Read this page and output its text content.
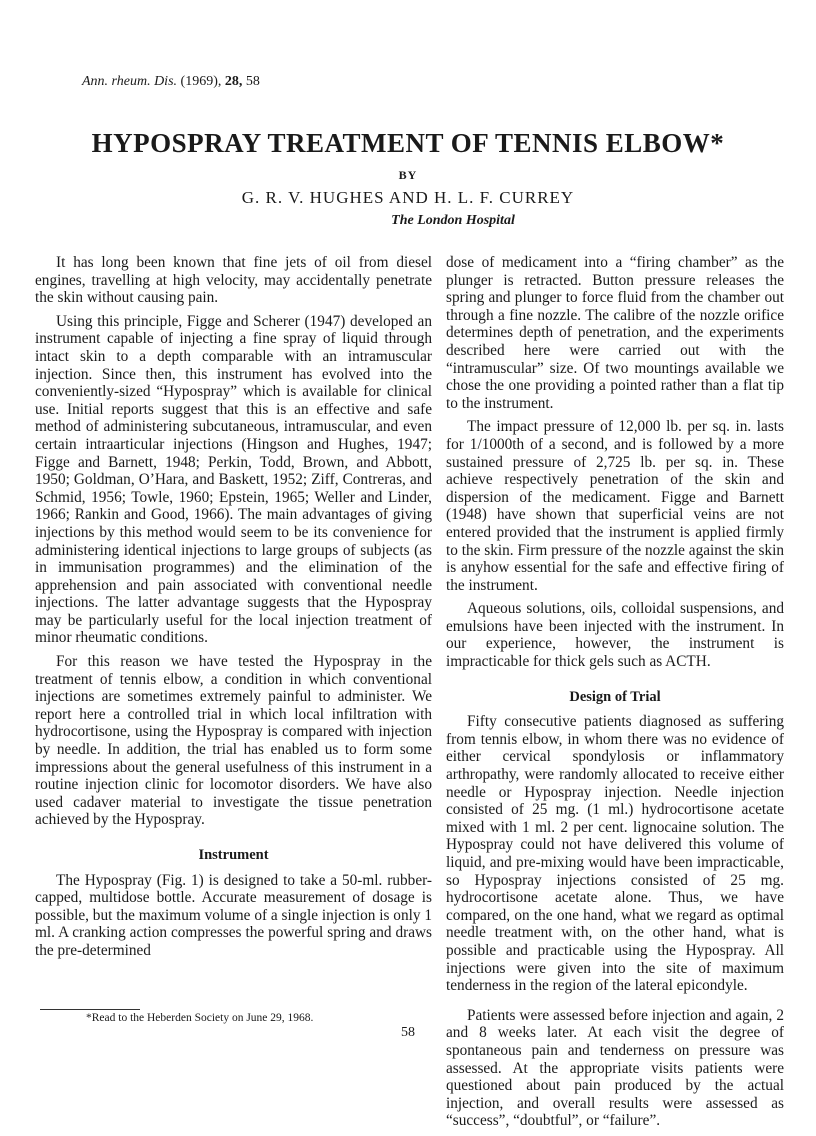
Ann. rheum. Dis. (1969), 28, 58
HYPOSPRAY TREATMENT OF TENNIS ELBOW*
BY
G. R. V. HUGHES AND H. L. F. CURREY
The London Hospital

It has long been known that fine jets of oil from diesel engines, travelling at high velocity, may accidentally penetrate the skin without causing pain.

Using this principle, Figge and Scherer (1947) developed an instrument capable of injecting a fine spray of liquid through intact skin to a depth comparable with an intramuscular injection. Since then, this instrument has evolved into the conveniently-sized “Hypospray” which is available for clinical use. Initial reports suggest that this is an effective and safe method of administering subcutaneous, intramuscular, and even certain intraarticular injections (Hingson and Hughes, 1947; Figge and Barnett, 1948; Perkin, Todd, Brown, and Abbott, 1950; Goldman, O’Hara, and Baskett, 1952; Ziff, Contreras, and Schmid, 1956; Towle, 1960; Epstein, 1965; Weller and Linder, 1966; Rankin and Good, 1966). The main advantages of giving injections by this method would seem to be its convenience for administering identical injections to large groups of subjects (as in immunisation programmes) and the elimination of the apprehension and pain associated with conventional needle injections. The latter advantage suggests that the Hypospray may be particularly useful for the local injection treatment of minor rheumatic conditions.

For this reason we have tested the Hypospray in the treatment of tennis elbow, a condition in which conventional injections are sometimes extremely painful to administer. We report here a controlled trial in which local infiltration with hydrocortisone, using the Hypospray is compared with injection by needle. In addition, the trial has enabled us to form some impressions about the general usefulness of this instrument in a routine injection clinic for locomotor disorders. We have also used cadaver material to investigate the tissue penetration achieved by the Hypospray.

Instrument

The Hypospray (Fig. 1) is designed to take a 50-ml. rubber-capped, multidose bottle. Accurate measurement of dosage is possible, but the maximum volume of a single injection is only 1 ml. A cranking action compresses the powerful spring and draws the pre-determined

dose of medicament into a “firing chamber” as the plunger is retracted. Button pressure releases the spring and plunger to force fluid from the chamber out through a fine nozzle. The calibre of the nozzle orifice determines depth of penetration, and the experiments described here were carried out with the “intramuscular” size. Of two mountings available we chose the one providing a pointed rather than a flat tip to the instrument.

The impact pressure of 12,000 lb. per sq. in. lasts for 1/1000th of a second, and is followed by a more sustained pressure of 2,725 lb. per sq. in. These achieve respectively penetration of the skin and dispersion of the medicament. Figge and Barnett (1948) have shown that superficial veins are not entered provided that the instrument is applied firmly to the skin. Firm pressure of the nozzle against the skin is anyhow essential for the safe and effective firing of the instrument.

Aqueous solutions, oils, colloidal suspensions, and emulsions have been injected with the instrument. In our experience, however, the instrument is impracticable for thick gels such as ACTH.

Design of Trial

Fifty consecutive patients diagnosed as suffering from tennis elbow, in whom there was no evidence of either cervical spondylosis or inflammatory arthropathy, were randomly allocated to receive either needle or Hypospray injection. Needle injection consisted of 25 mg. (1 ml.) hydrocortisone acetate mixed with 1 ml. 2 per cent. lignocaine solution. The Hypospray could not have delivered this volume of liquid, and pre-mixing would have been impracticable, so Hypospray injections consisted of 25 mg. hydrocortisone acetate alone. Thus, we have compared, on the one hand, what we regard as optimal needle treatment with, on the other hand, what is possible and practicable using the Hypospray. All injections were given into the site of maximum tenderness in the region of the lateral epicondyle.

Patients were assessed before injection and again, 2 and 8 weeks later. At each visit the degree of spontaneous pain and tenderness on pressure was assessed. At the appropriate visits patients were questioned about pain produced by the actual injection, and overall results were assessed as “success”, “doubtful”, or “failure”.

*Read to the Heberden Society on June 29, 1968.
58
